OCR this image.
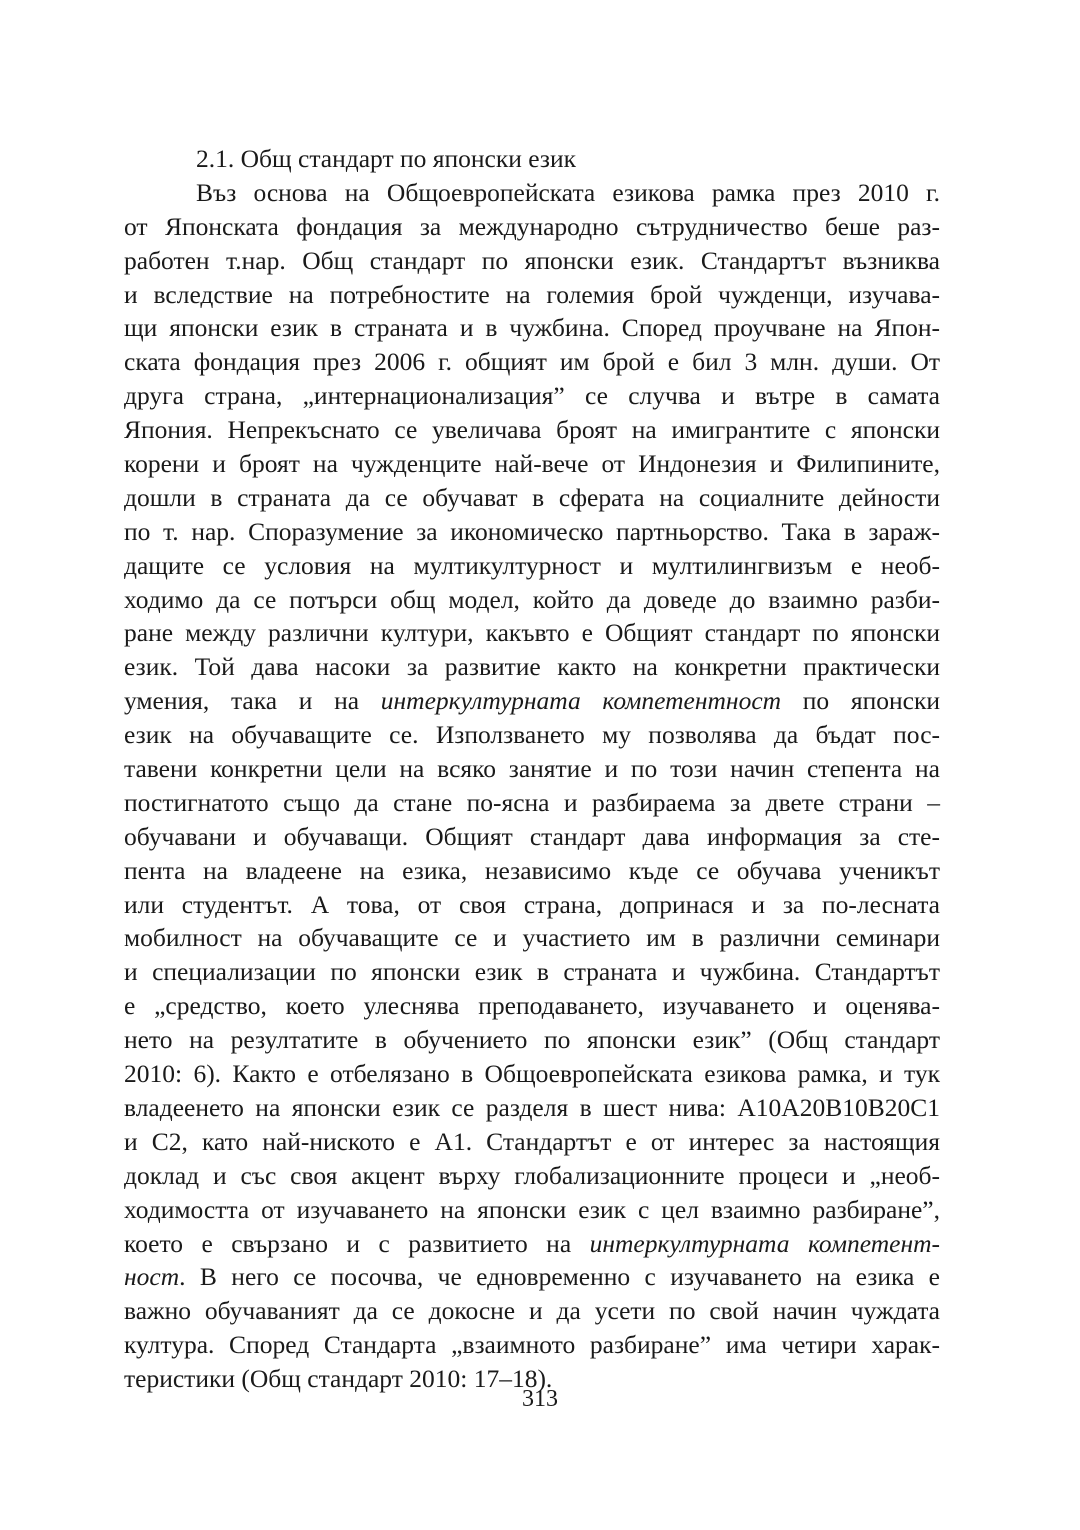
2.1. Общ стандарт по японски език
Въз основа на Общоевропейската езикова рамка през 2010 г.
от Японската фондация за международно сътрудничество беше раз-
работен т.нар. Общ стандарт по японски език. Стандартът възниква
и вследствие на потребностите на големия брой чужденци, изучава-
щи японски език в страната и в чужбина. Според проучване на Япон-
ската фондация през 2006 г. общият им брой е бил 3 млн. души. От
друга страна, „интернационализация” се случва и вътре в самата
Япония. Непрекъснато се увеличава броят на имигрантите с японски
корени и броят на чужденците най-вече от Индонезия и Филипините,
дошли в страната да се обучават в сферата на социалните дейности
по т. нар. Споразумение за икономическо партньорство. Така в зараж-
дащите се условия на мултикултурност и мултилингвизъм е необ-
ходимо да се потърси общ модел, който да доведе до взаимно разби-
ране между различни култури, какъвто е Общият стандарт по японски
език. Той дава насоки за развитие както на конкретни практически
умения, така и на интеркултурната компетентност по японски
език на обучаващите се. Използването му позволява да бъдат пос-
тавени конкретни цели на всяко занятие и по този начин степента на
постигнатото също да стане по-ясна и разбираема за двете страни –
обучавани и обучаващи. Общият стандарт дава информация за сте-
пента на владеене на езика, независимо къде се обучава ученикът
или студентът. А това, от своя страна, допринася и за по-лесната
мобилност на обучаващите се и участието им в различни семинари
и специализации по японски език в страната и чужбина. Стандартът
е „средство, което улеснява преподаването, изучаването и оценява-
нето на резултатите в обучението по японски език” (Общ стандарт
2010: 6). Както е отбелязано в Общоевропейската езикова рамка, и тук
владеенето на японски език се разделя в шест нива: А10А20В10В20С1
и С2, като най-ниското е А1. Стандартът е от интерес за настоящия
доклад и със своя акцент върху глобализационните процеси и „необ-
ходимостта от изучаването на японски език с цел взаимно разбиране”,
което е свързано и с развитието на интеркултурната компетент-
ност. В него се посочва, че едновременно с изучаването на езика е
важно обучаваният да се докосне и да усети по свой начин чуждата
култура. Според Стандарта „взаимното разбиране” има четири харак-
теристики (Общ стандарт 2010: 17–18).
313
